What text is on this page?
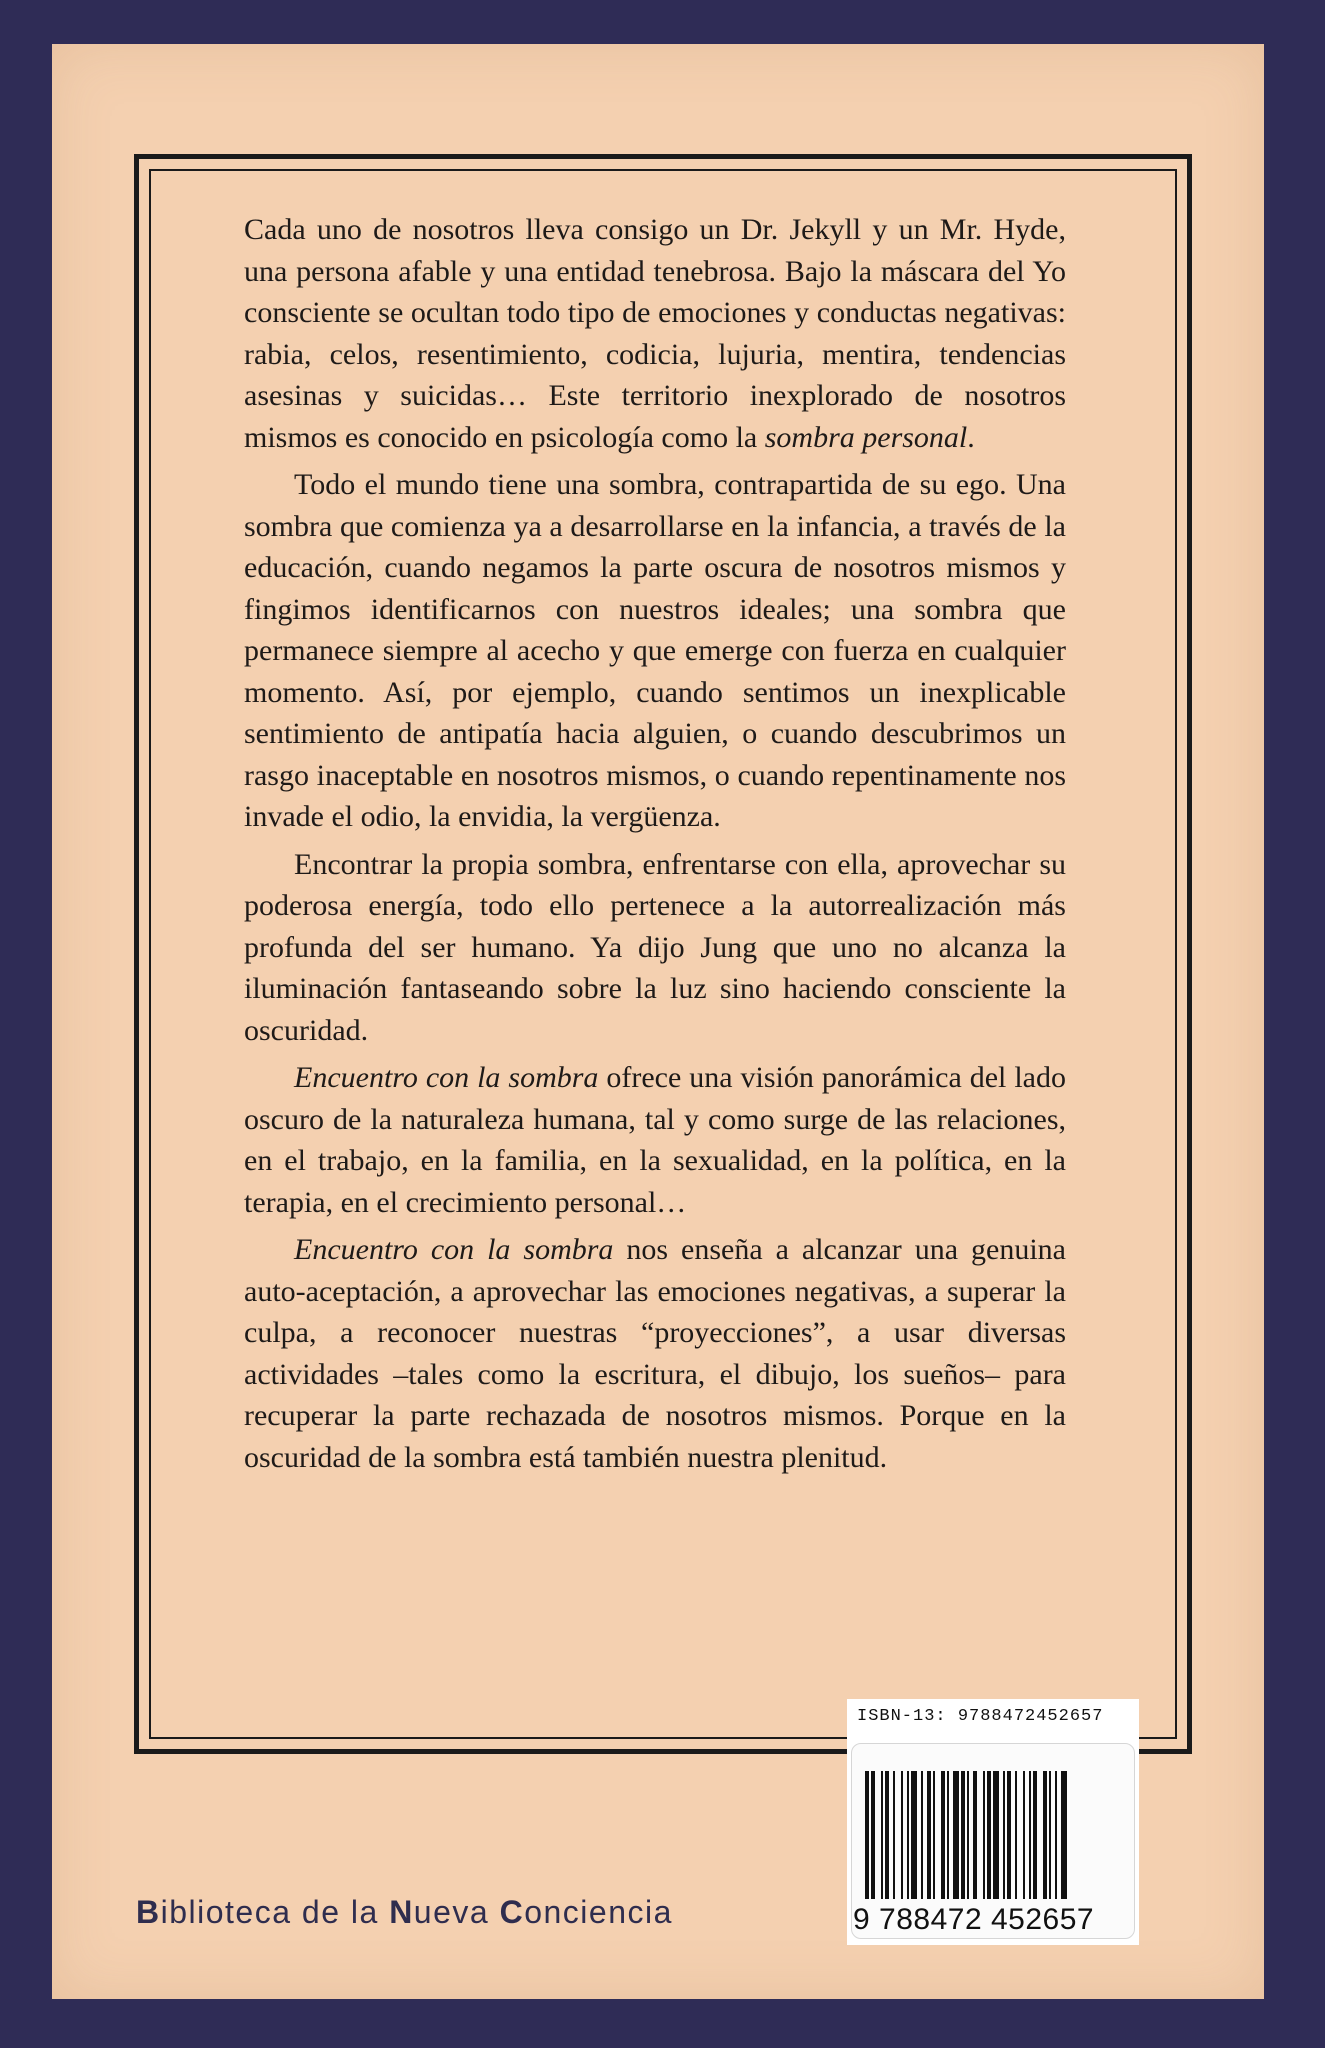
Cada uno de nosotros lleva consigo un Dr. Jekyll y un Mr. Hyde, una persona afable y una entidad tenebrosa. Bajo la máscara del Yo consciente se ocultan todo tipo de emociones y conductas negativas: rabia, celos, resentimiento, codicia, lujuria, mentira, tendencias asesinas y suicidas… Este territorio inexplorado de nosotros mismos es conocido en psicología como la sombra personal.

Todo el mundo tiene una sombra, contrapartida de su ego. Una sombra que comienza ya a desarrollarse en la infancia, a través de la educación, cuando negamos la parte oscura de nosotros mismos y fingimos identificarnos con nuestros ideales; una sombra que permanece siempre al acecho y que emerge con fuerza en cualquier momento. Así, por ejemplo, cuando sentimos un inexplicable sentimiento de antipatía hacia alguien, o cuando descubrimos un rasgo inaceptable en nosotros mismos, o cuando repentinamente nos invade el odio, la envidia, la vergüenza.

Encontrar la propia sombra, enfrentarse con ella, aprovechar su poderosa energía, todo ello pertenece a la autorrealización más profunda del ser humano. Ya dijo Jung que uno no alcanza la iluminación fantaseando sobre la luz sino haciendo consciente la oscuridad.

Encuentro con la sombra ofrece una visión panorámica del lado oscuro de la naturaleza humana, tal y como surge de las relaciones, en el trabajo, en la familia, en la sexualidad, en la política, en la terapia, en el crecimiento personal…

Encuentro con la sombra nos enseña a alcanzar una genuina auto-aceptación, a aprovechar las emociones negativas, a superar la culpa, a reconocer nuestras “proyecciones”, a usar diversas actividades –tales como la escritura, el dibujo, los sueños– para recuperar la parte rechazada de nosotros mismos. Porque en la oscuridad de la sombra está también nuestra plenitud.

Biblioteca de la Nueva Conciencia
ISBN-13: 9788472452657
9 788472 452657
